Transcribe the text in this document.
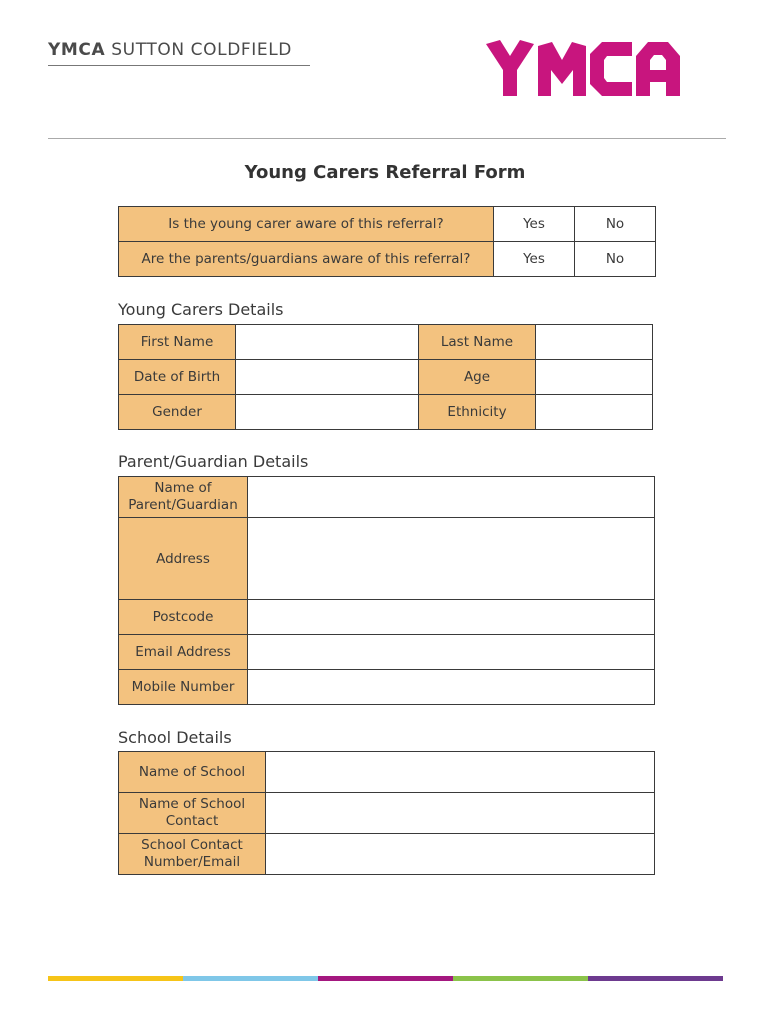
YMCA SUTTON COLDFIELD
Young Carers Referral Form
Is the young carer aware of this referral?	Yes	No
Are the parents/guardians aware of this referral?	Yes	No
Young Carers Details
First Name		Last Name	
Date of Birth		Age	
Gender		Ethnicity	
Parent/Guardian Details
Name of Parent/Guardian	
Address	
Postcode	
Email Address	
Mobile Number	
School Details
Name of School	
Name of School Contact	
School Contact Number/Email	
